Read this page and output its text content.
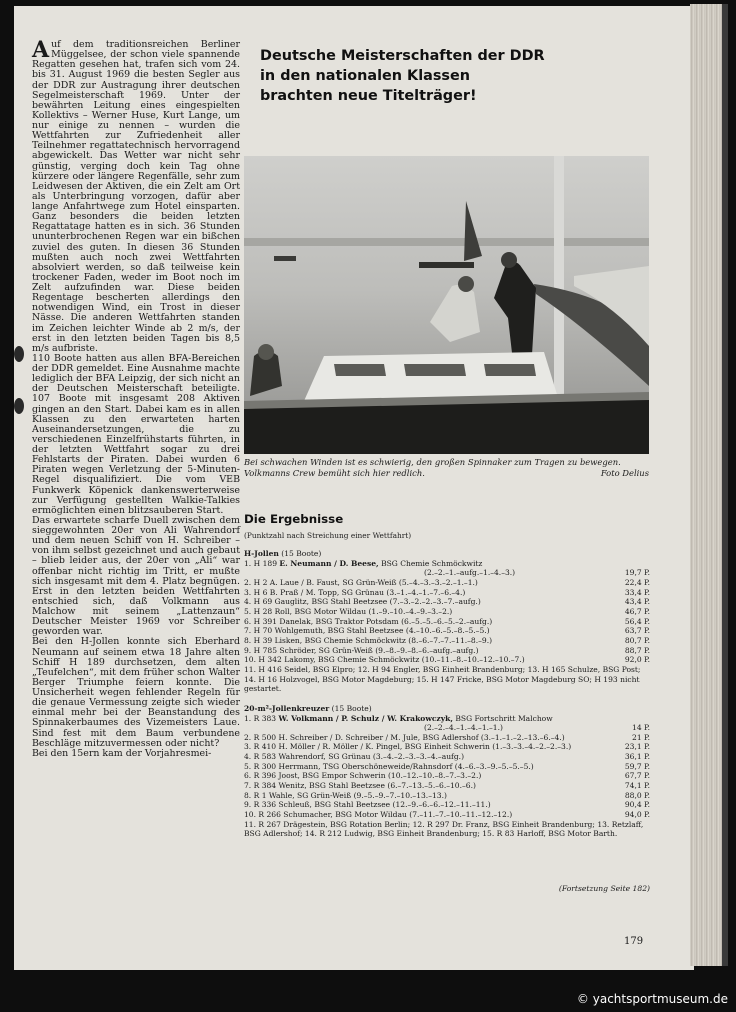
Auf dem traditionsreichen Berliner Müggelsee, der schon viele spannende Regatten gesehen hat, trafen sich vom 24. bis 31. August 1969 die besten Segler aus der DDR zur Austragung ihrer deutschen Segelmeisterschaft 1969. Unter der bewährten Leitung eines eingespielten Kollektivs – Werner Huse, Kurt Lange, um nur einige zu nennen – wurden die Wettfahrten zur Zufriedenheit aller Teilnehmer regattatechnisch hervorragend abgewickelt. Das Wetter war nicht sehr günstig, verging doch kein Tag ohne kürzere oder längere Regenfälle, sehr zum Leidwesen der Aktiven, die ein Zelt am Ort als Unterbringung vorzogen, dafür aber lange Anfahrtwege zum Hotel einsparten. Ganz besonders die beiden letzten Regattatage hatten es in sich. 36 Stunden ununterbrochenen Regen war ein bißchen zuviel des guten. In diesen 36 Stunden mußten auch noch zwei Wettfahrten absolviert werden, so daß teilweise kein trockener Faden, weder im Boot noch im Zelt aufzufinden war. Diese beiden Regentage bescherten allerdings den notwendigen Wind, ein Trost in dieser Nässe. Die anderen Wettfahrten standen im Zeichen leichter Winde ab 2 m/s, der erst in den letzten beiden Tagen bis 8,5 m/s aufbriste.

110 Boote hatten aus allen BFA-Bereichen der DDR gemeldet. Eine Ausnahme machte lediglich der BFA Leipzig, der sich nicht an der Deutschen Meisterschaft beteiligte. 107 Boote mit insgesamt 208 Aktiven gingen an den Start. Dabei kam es in allen Klassen zu den erwarteten harten Auseinandersetzungen, die zu verschiedenen Einzelfrühstarts führten, in der letzten Wettfahrt sogar zu drei Fehlstarts der Piraten. Dabei wurden 6 Piraten wegen Verletzung der 5-Minuten-Regel disqualifiziert. Die vom VEB Funkwerk Köpenick dankenswerterweise zur Verfügung gestellten Walkie-Talkies ermöglichten einen blitzsauberen Start.

Das erwartete scharfe Duell zwischen dem sieggewohnten 20er von Ali Wahrendorf und dem neuen Schiff von H. Schreiber – von ihm selbst gezeichnet und auch gebaut – blieb leider aus, der 20er von „Ali“ war offenbar nicht richtig im Tritt, er mußte sich insgesamt mit dem 4. Platz begnügen. Erst in den letzten beiden Wettfahrten entschied sich, daß Volkmann aus Malchow mit seinem „Lattenzaun“ Deutscher Meister 1969 vor Schreiber geworden war.

Bei den H-Jollen konnte sich Eberhard Neumann auf seinem etwa 18 Jahre alten Schiff H 189 durchsetzen, dem alten „Teufelchen“, mit dem früher schon Walter Berger Triumphe feiern konnte. Die Unsicherheit wegen fehlender Regeln für die genaue Vermessung zeigte sich wieder einmal mehr bei der Beanstandung des Spinnakerbaumes des Vizemeisters Laue. Sind fest mit dem Baum verbundene Beschläge mitzuvermessen oder nicht?

Bei den 15ern kam der Vorjahresmei-

Deutsche Meisterschaften der DDR
in den nationalen Klassen
brachten neue Titelträger!
Bei schwachen Winden ist es schwierig, den großen Spinnaker zum Tragen zu bewegen. Volkmanns Crew bemüht sich hier redlich.	Foto Delius
Die Ergebnisse
(Punktzahl nach Streichung einer Wettfahrt)
H-Jollen (15 Boote)
1. H 189 E. Neumann / D. Beese, BSG Chemie Schmöckwitz
(2.–2.–1.–aufg.–1.–4.–3.)	19,7 P.
2. H 2 A. Laue / B. Faust, SG Grün-Weiß (5.–4.–3.–3.–2.–1.–1.)	22,4 P.
3. H 6 B. Praß / M. Topp, SG Grünau (3.–1.–4.–1.–7.–6.–4.)	33,4 P.
4. H 69 Gauglitz, BSG Stahl Beetzsee (7.–3.–2.–2.–3.–7.–aufg.)	43,4 P.
5. H 28 Roll, BSG Motor Wildau (1.–9.–10.–4.–9.–3.–2.)	46,7 P.
6. H 391 Danelak, BSG Traktor Potsdam (6.–5.–5.–6.–5.–2.–aufg.)	56,4 P.
7. H 70 Wohlgemuth, BSG Stahl Beetzsee (4.–10.–6.–5.–8.–5.–5.)	63,7 P.
8. H 39 Lisken, BSG Chemie Schmöckwitz (8.–6.–7.–7.–11.–8.–9.)	80,7 P.
9. H 785 Schröder, SG Grün-Weiß (9.–8.–9.–8.–6.–aufg.–aufg.)	88,7 P.
10. H 342 Lakomy, BSG Chemie Schmöckwitz (10.–11.–8.–10.–12.–10.–7.)	92,0 P.
11. H 416 Seidel, BSG Elpro; 12. H 94 Engler, BSG Einheit Brandenburg; 13. H 165 Schulze, BSG Post; 14. H 16 Holzvogel, BSG Motor Magdeburg; 15. H 147 Fricke, BSG Motor Magdeburg SO; H 193 nicht gestartet.
20-m²-Jollenkreuzer (15 Boote)
1. R 383 W. Volkmann / P. Schulz / W. Krakowczyk, BSG Fortschritt Malchow
(2.–2.–4.–1.–4.–1.–1.)	14 P.
2. R 500 H. Schreiber / D. Schreiber / M. Jule, BSG Adlershof (3.–1.–1.–2.–13.–6.–4.)	21 P.
3. R 410 H. Möller / R. Möller / K. Pingel, BSG Einheit Schwerin (1.–3.–3.–4.–2.–2.–3.)	23,1 P.
4. R 583 Wahrendorf, SG Grünau (3.–4.–2.–3.–3.–4.–aufg.)	36,1 P.
5. R 300 Herrmann, TSG Oberschöneweide/Rahnsdorf (4.–6.–3.–9.–5.–5.–5.)	59,7 P.
6. R 396 Joost, BSG Empor Schwerin (10.–12.–10.–8.–7.–3.–2.)	67,7 P.
7. R 384 Wenitz, BSG Stahl Beetzsee (6.–7.–13.–5.–6.–10.–6.)	74,1 P.
8. R 1 Wahle, SG Grün-Weiß (9.–5.–9.–7.–10.–13.–13.)	88,0 P.
9. R 336 Schleuß, BSG Stahl Beetzsee (12.–9.–6.–6.–12.–11.–11.)	90,4 P.
10. R 266 Schumacher, BSG Motor Wildau (7.–11.–7.–10.–11.–12.–12.)	94,0 P.
11. R 267 Drägestein, BSG Rotation Berlin; 12. R 297 Dr. Franz, BSG Einheit Brandenburg; 13. Retzlaff, BSG Adlershof; 14. R 212 Ludwig, BSG Einheit Brandenburg; 15. R 83 Harloff, BSG Motor Barth.
(Fortsetzung Seite 182)
179
© yachtsportmuseum.de
